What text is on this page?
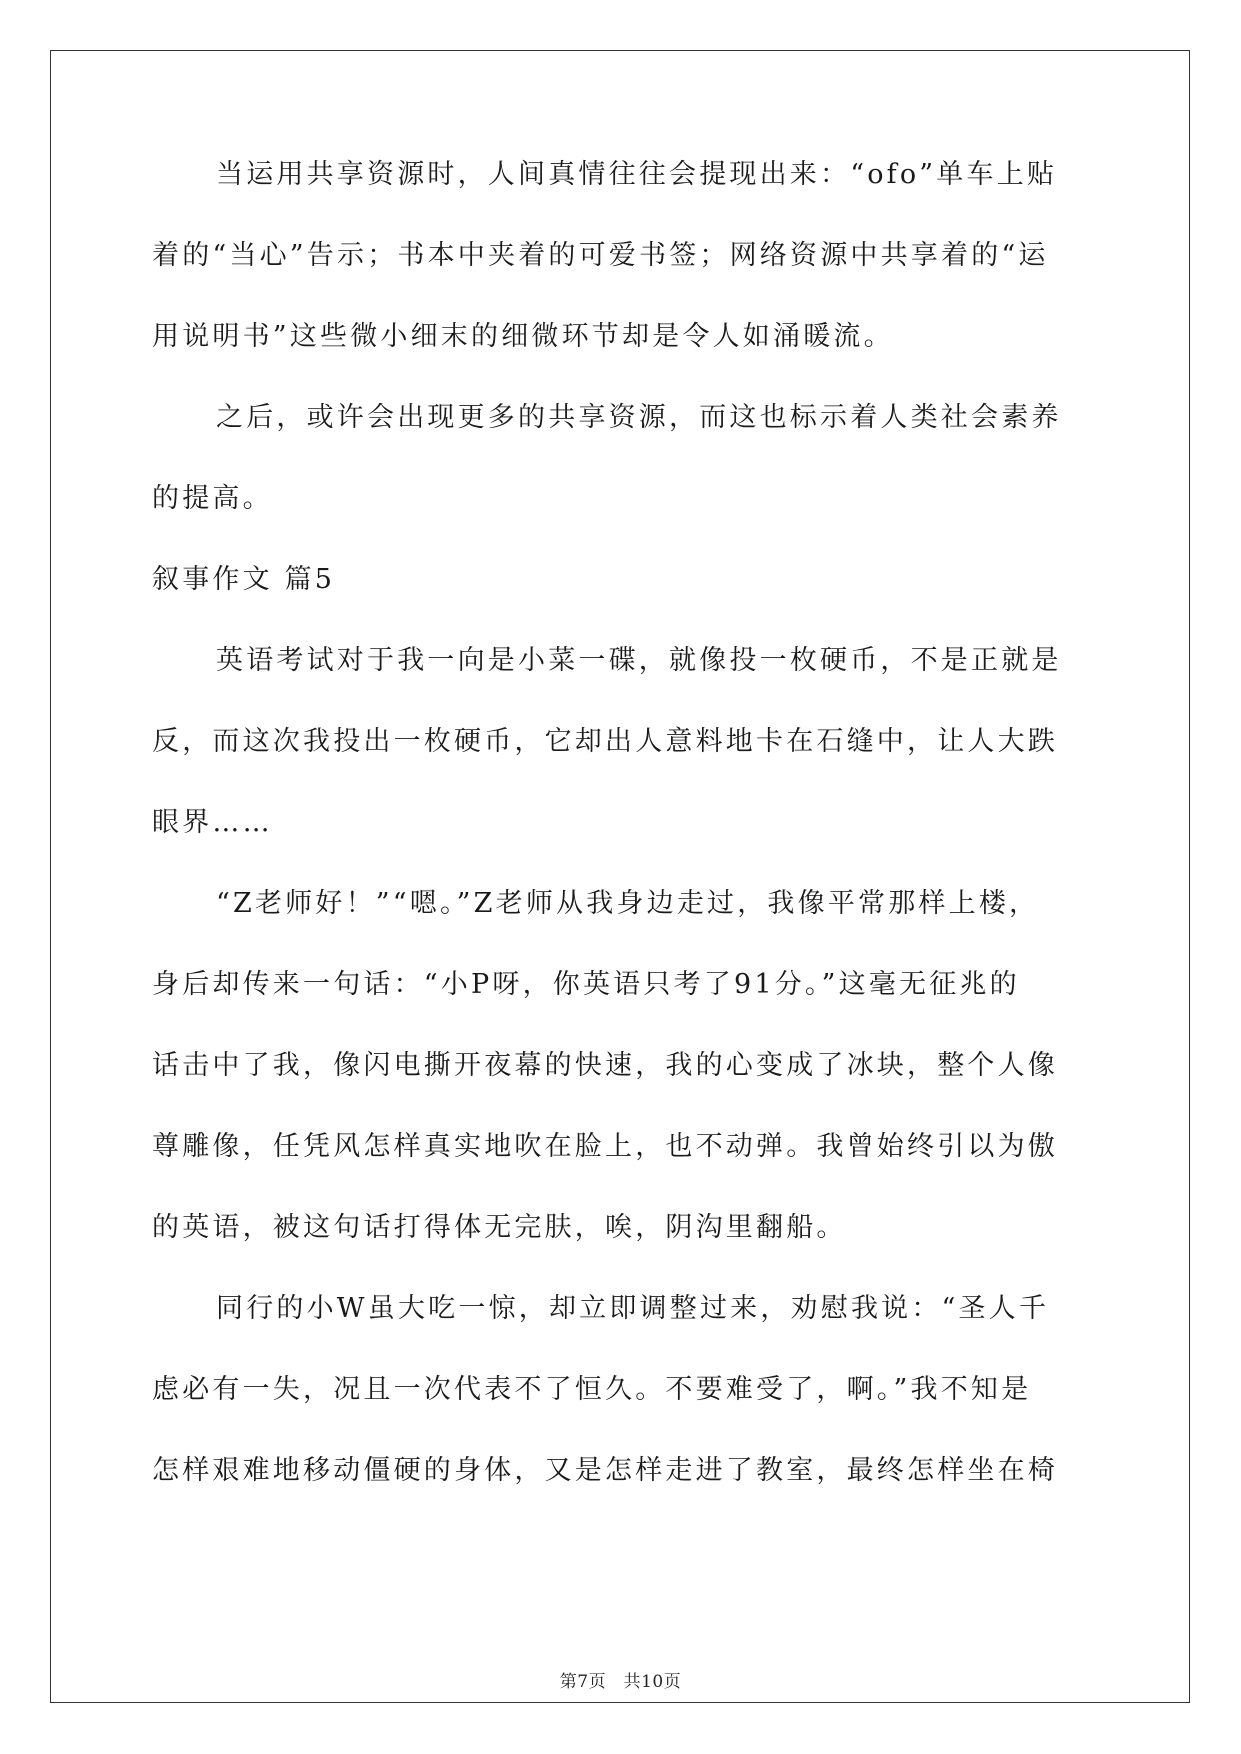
当运用共享资源时，人间真情往往会提现出来：“ofo”单车上贴
着的“当心”告示；书本中夹着的可爱书签；网络资源中共享着的“运
用说明书”这些微小细末的细微环节却是令人如涌暖流。
之后，或许会出现更多的共享资源，而这也标示着人类社会素养
的提高。
叙事作文 篇5
英语考试对于我一向是小菜一碟，就像投一枚硬币，不是正就是
反，而这次我投出一枚硬币，它却出人意料地卡在石缝中，让人大跌
眼界……
“Z老师好！”“嗯。”Z老师从我身边走过，我像平常那样上楼，
身后却传来一句话：“小P呀，你英语只考了91分。”这毫无征兆的
话击中了我，像闪电撕开夜幕的快速，我的心变成了冰块，整个人像
尊雕像，任凭风怎样真实地吹在脸上，也不动弹。我曾始终引以为傲
的英语，被这句话打得体无完肤，唉，阴沟里翻船。
同行的小W虽大吃一惊，却立即调整过来，劝慰我说：“圣人千
虑必有一失，况且一次代表不了恒久。不要难受了，啊。”我不知是
怎样艰难地移动僵硬的身体，又是怎样走进了教室，最终怎样坐在椅
第7页　共10页
